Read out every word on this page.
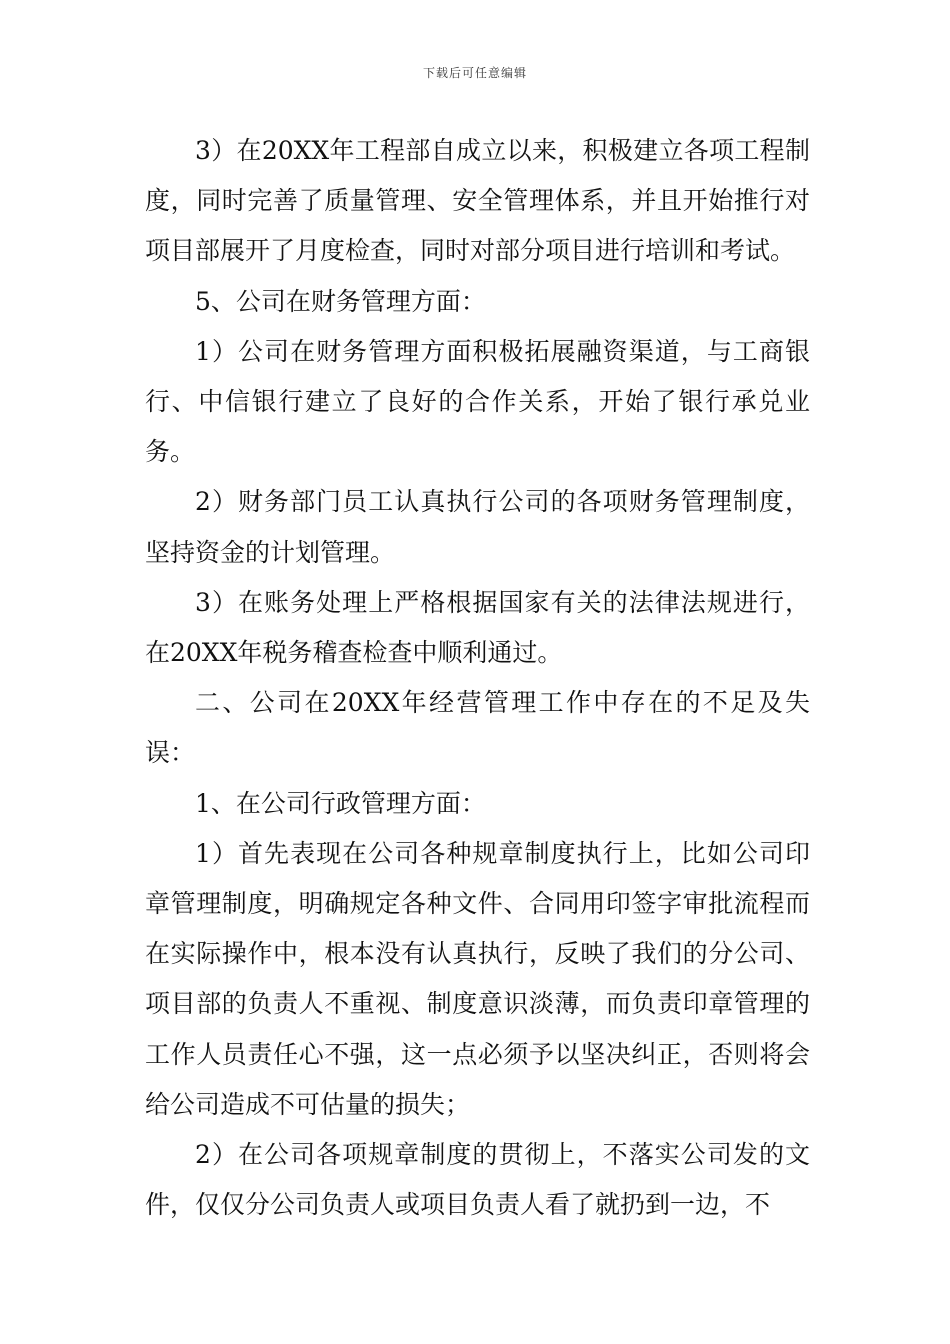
下载后可任意编辑

3）在20XX年工程部自成立以来，积极建立各项工程制度，同时完善了质量管理、安全管理体系，并且开始推行对项目部展开了月度检查，同时对部分项目进行培训和考试。

5、公司在财务管理方面：

1）公司在财务管理方面积极拓展融资渠道，与工商银行、中信银行建立了良好的合作关系，开始了银行承兑业务。

2）财务部门员工认真执行公司的各项财务管理制度，坚持资金的计划管理。

3）在账务处理上严格根据国家有关的法律法规进行，在20XX年税务稽查检查中顺利通过。

二、公司在20XX年经营管理工作中存在的不足及失误：

1、在公司行政管理方面：

1）首先表现在公司各种规章制度执行上，比如公司印章管理制度，明确规定各种文件、合同用印签字审批流程而在实际操作中，根本没有认真执行，反映了我们的分公司、项目部的负责人不重视、制度意识淡薄，而负责印章管理的工作人员责任心不强，这一点必须予以坚决纠正，否则将会给公司造成不可估量的损失；

2）在公司各项规章制度的贯彻上，不落实公司发的文件，仅仅分公司负责人或项目负责人看了就扔到一边，不
